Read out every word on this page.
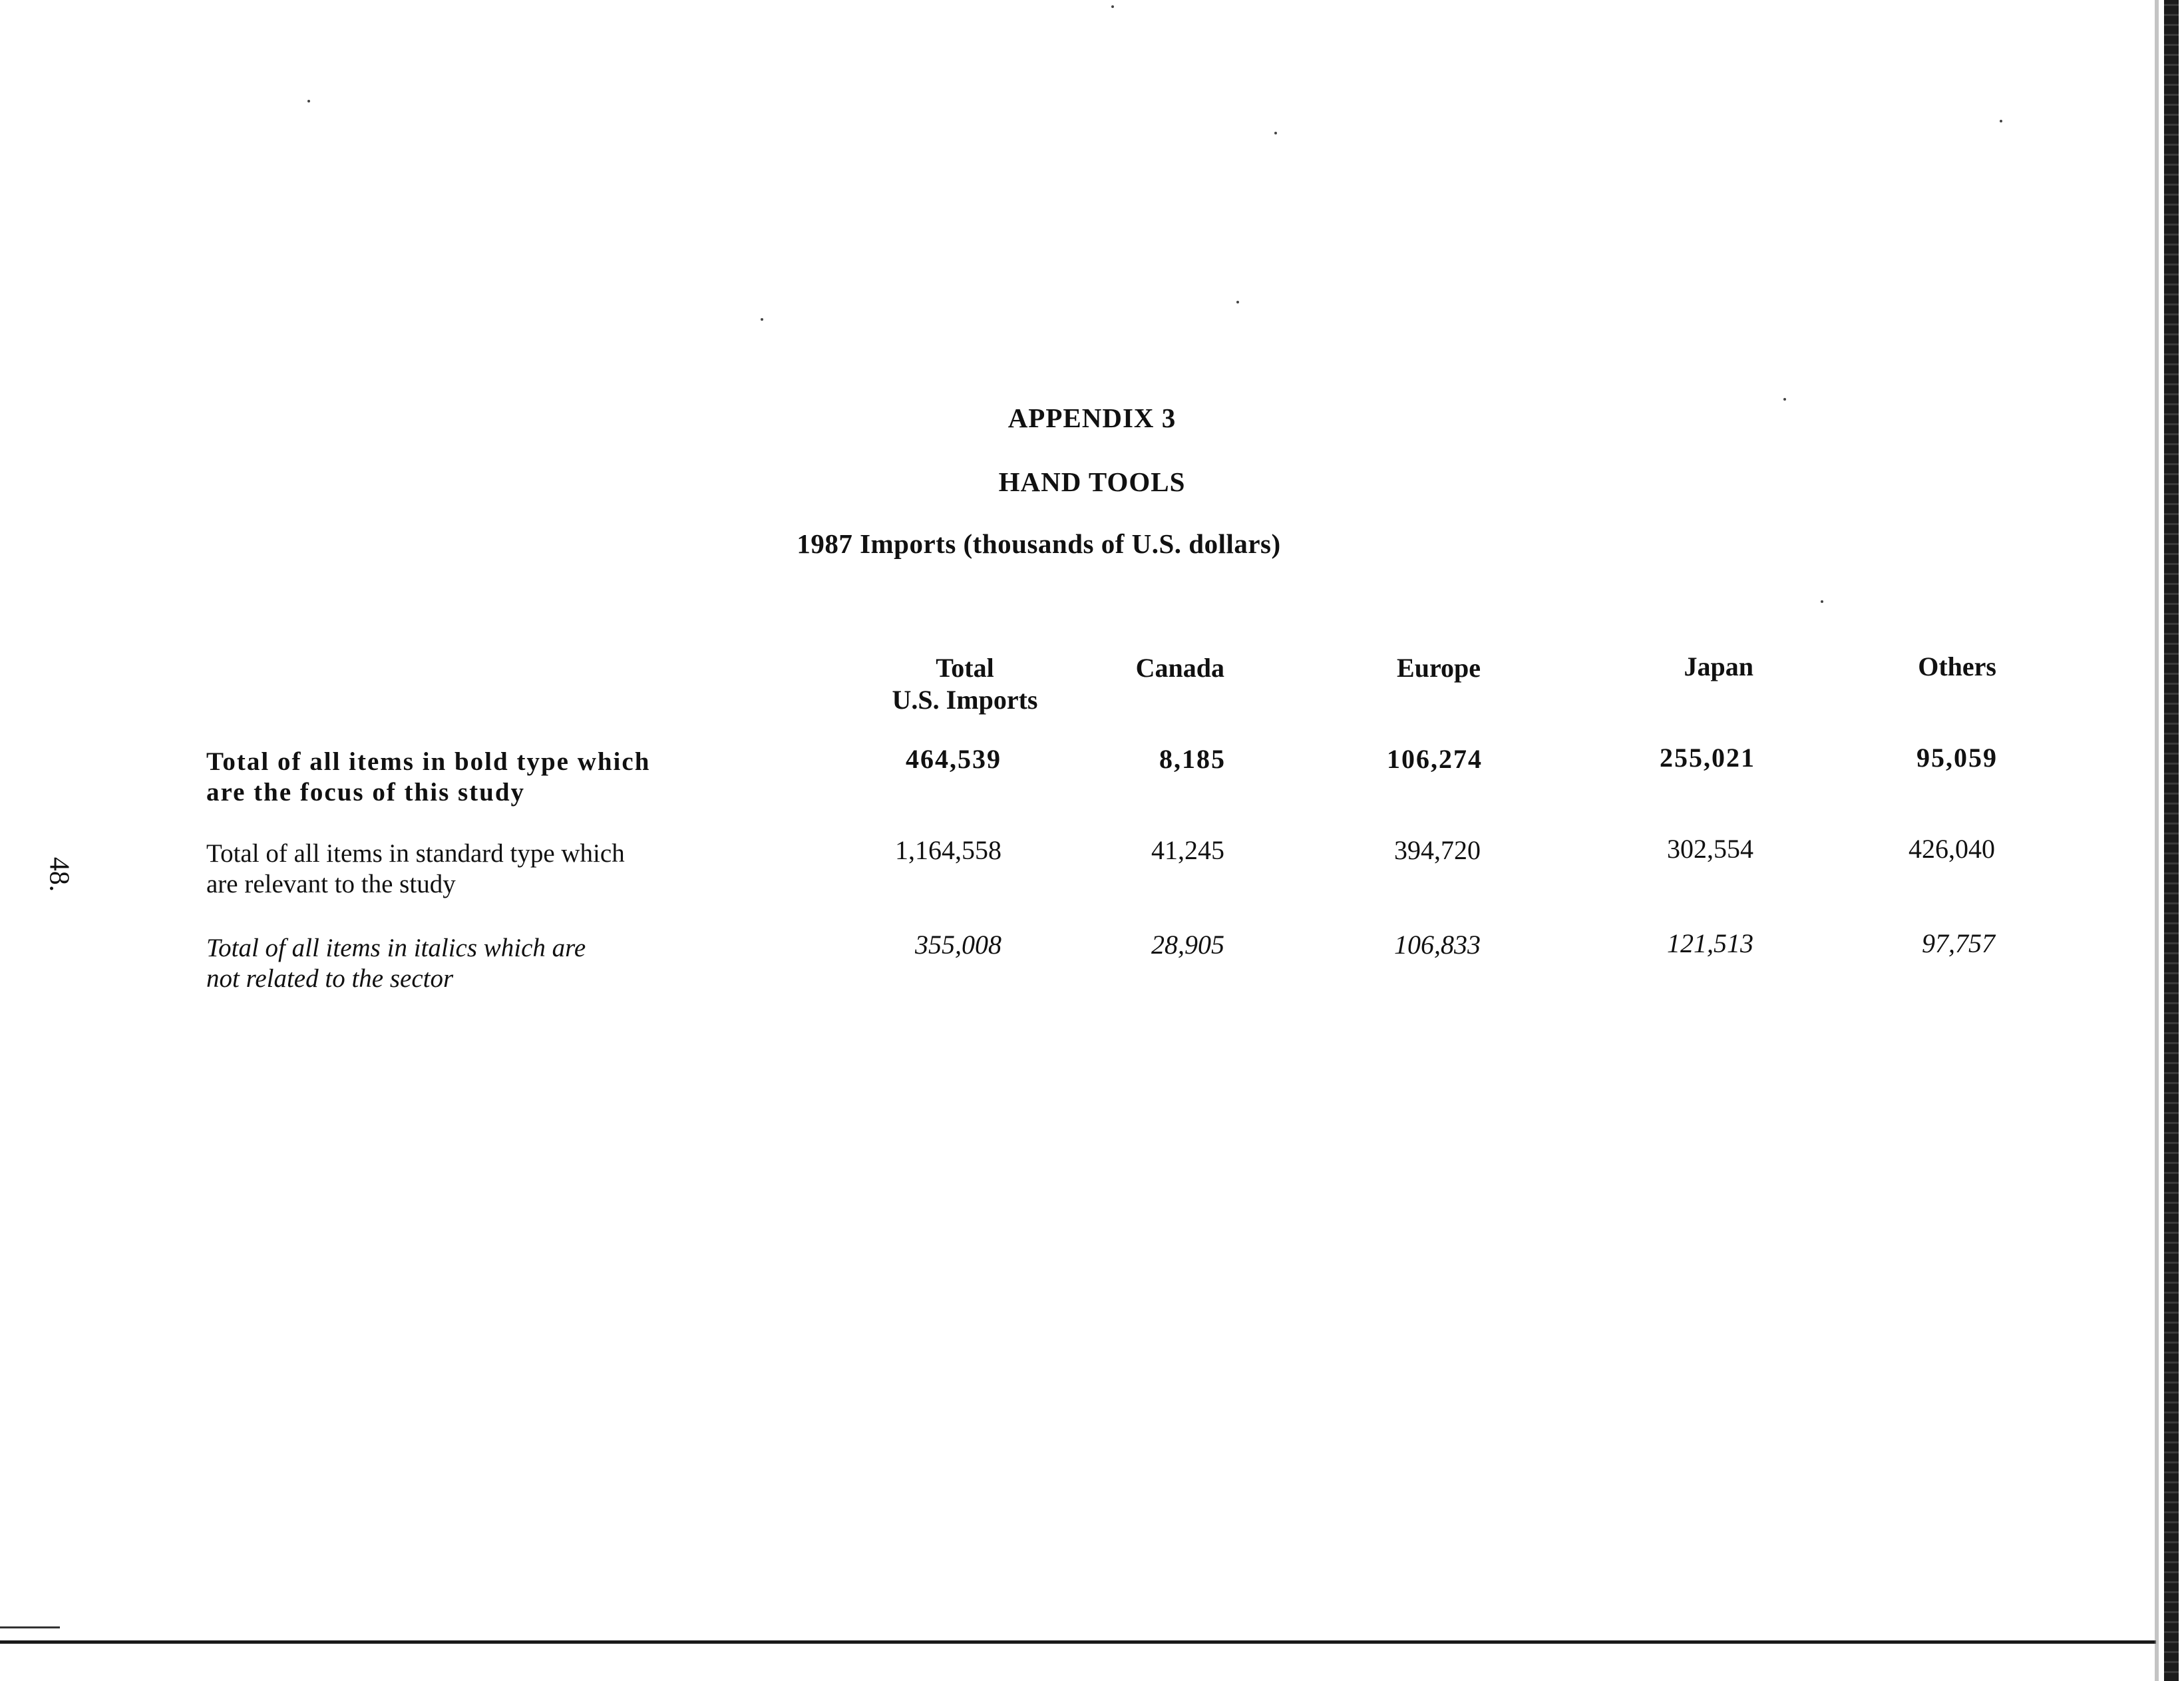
APPENDIX 3
HAND TOOLS
1987 Imports (thousands of U.S. dollars)
Total
U.S. Imports
Canada	Europe	Japan	Others
Total of all items in bold type which
are the focus of this study
464,539	8,185	106,274	255,021	95,059
Total of all items in standard type which
are relevant to the study
1,164,558	41,245	394,720	302,554	426,040
Total of all items in italics which are
not related to the sector
355,008	28,905	106,833	121,513	97,757
48.
